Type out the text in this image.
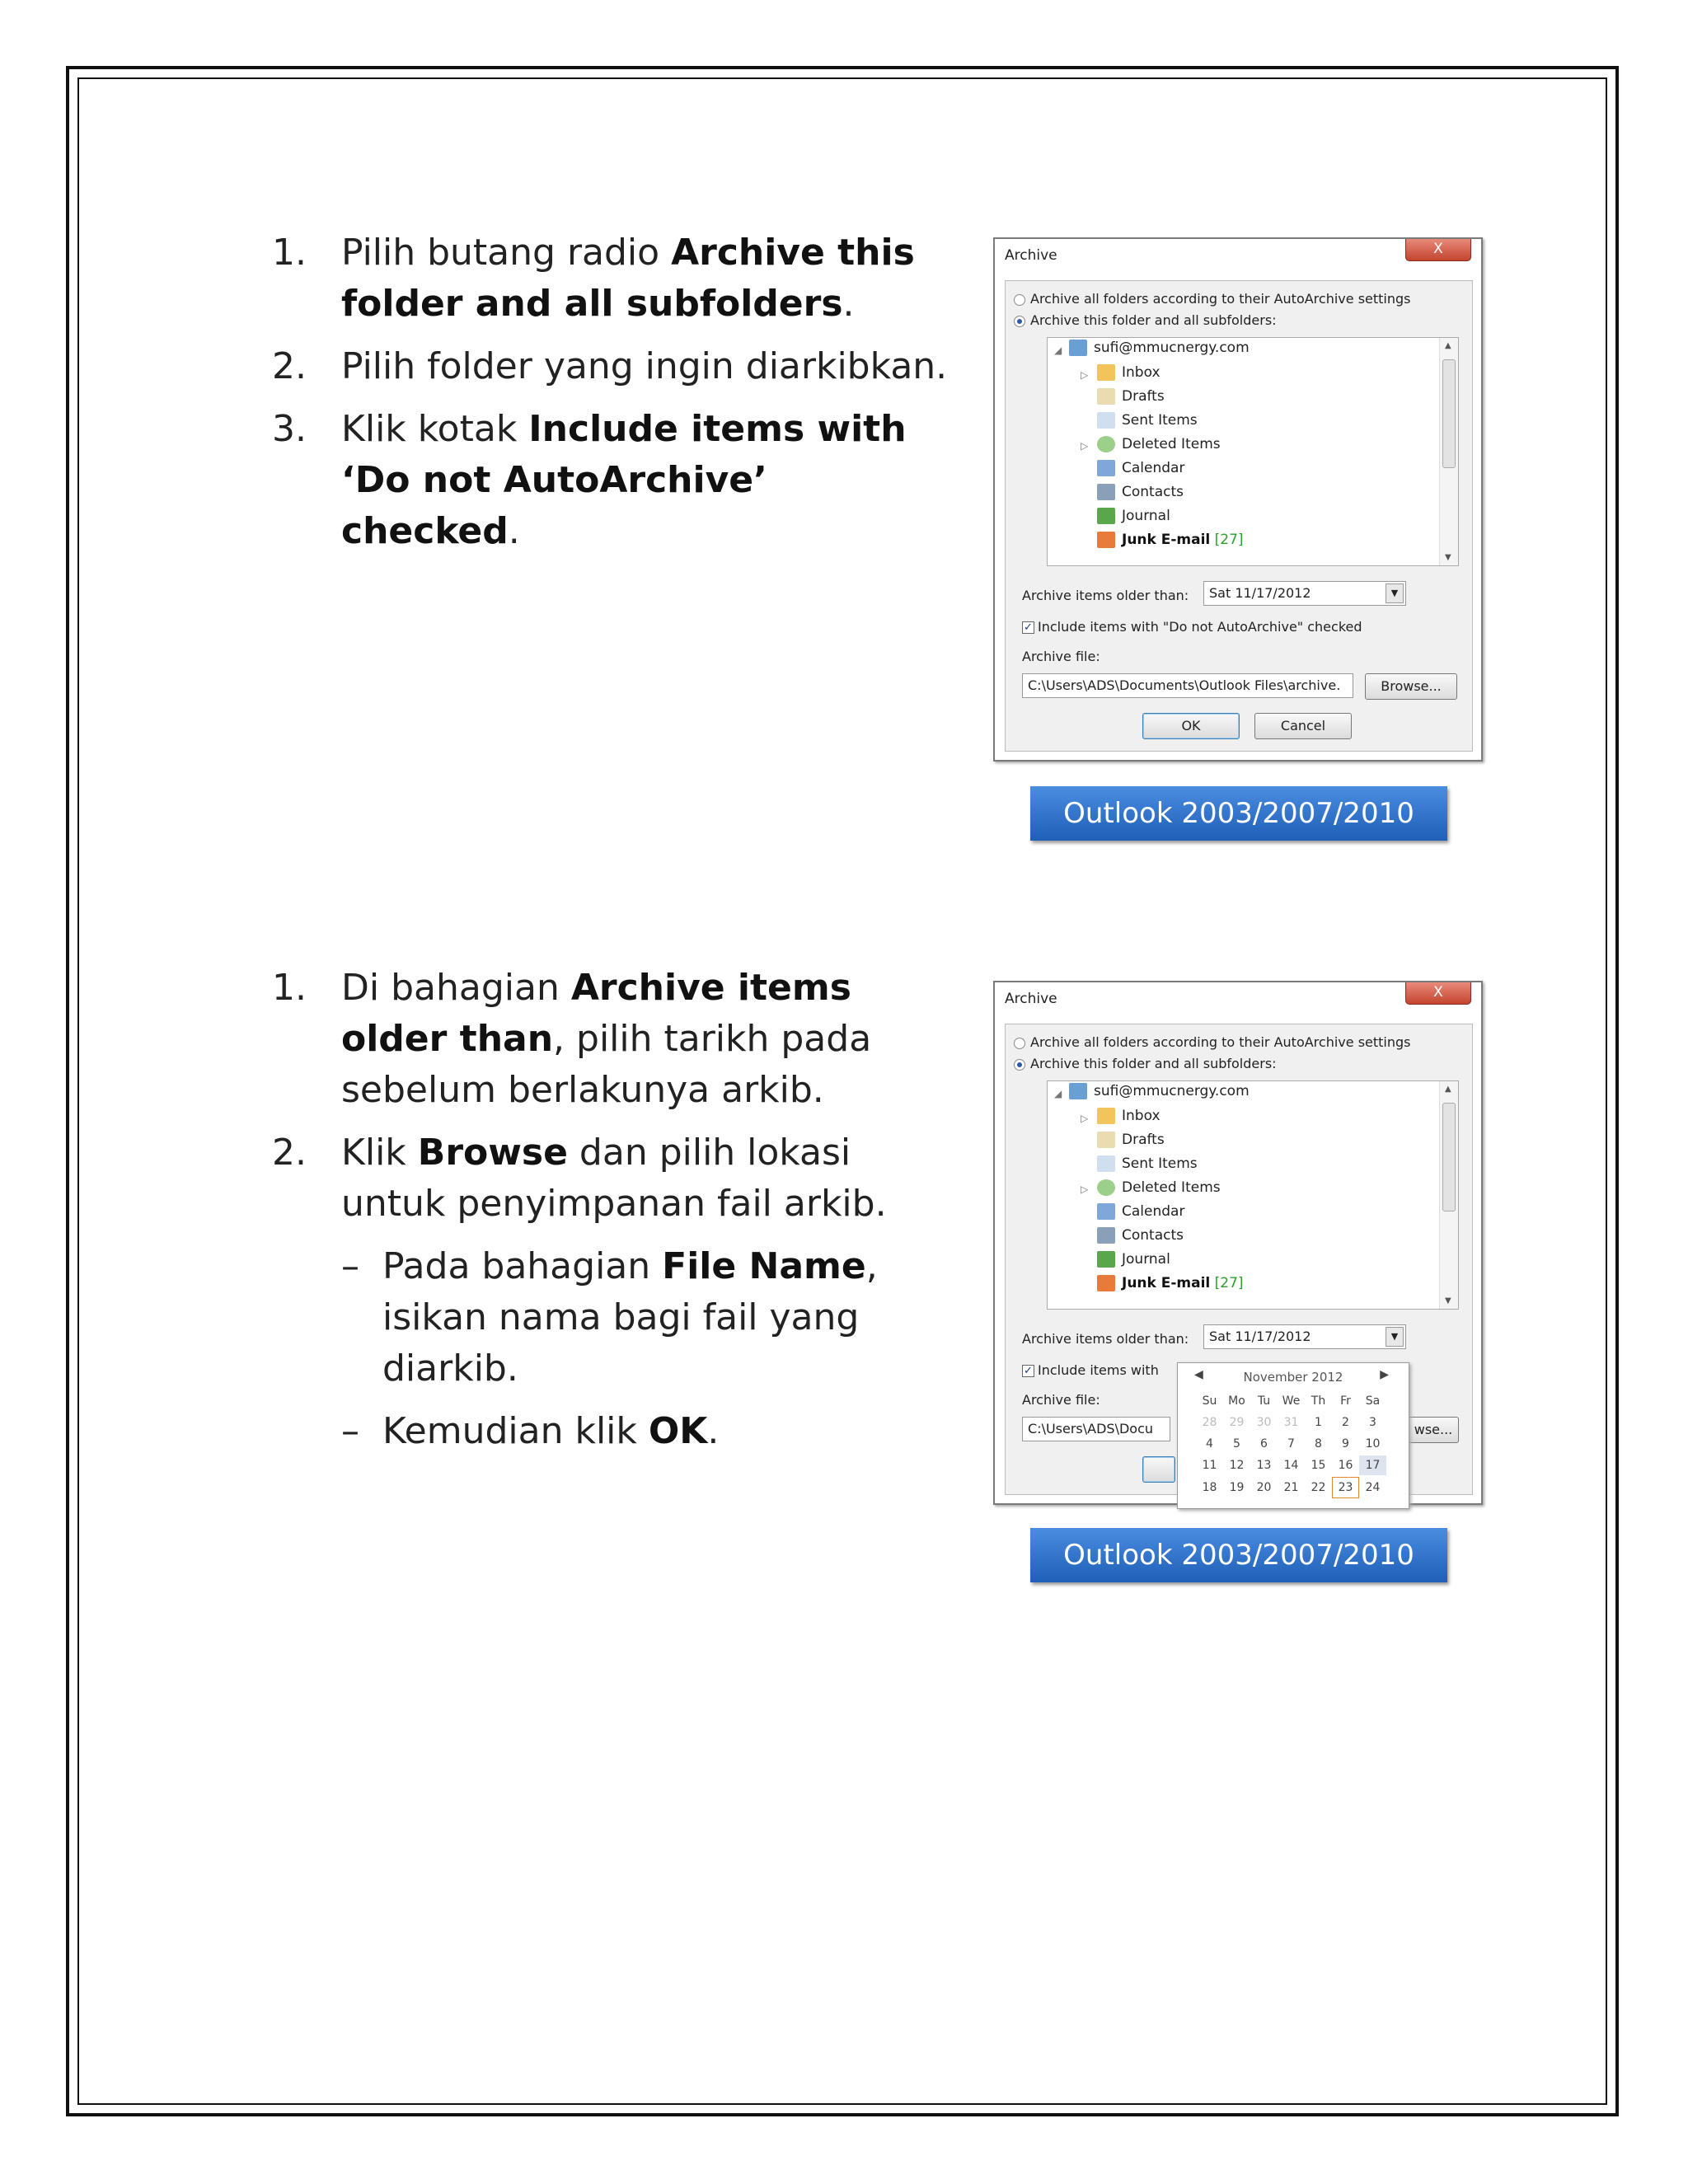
1. Pilih butang radio Archive this folder and all subfolders.
2. Pilih folder yang ingin diarkibkan.
3. Klik kotak Include items with ‘Do not AutoArchive’ checked.
Archive	X
Archive all folders according to their AutoArchive settings
Archive this folder and all subfolders:
◢	sufi@mmucnergy.com
▷	Inbox
Drafts
Sent Items
▷	Deleted Items
Calendar
Contacts
Journal
Junk E-mail [27]
▲
▼
Archive items older than:	Sat 11/17/2012	▼
✓ Include items with "Do not AutoArchive" checked
Archive file:
C:\Users\ADS\Documents\Outlook Files\archive.	Browse...
OK	Cancel
Outlook 2003/2007/2010
1. Di bahagian Archive items older than, pilih tarikh pada sebelum berlakunya arkib.
2. Klik Browse dan pilih lokasi untuk penyimpanan fail arkib.
– Pada bahagian File Name, isikan nama bagi fail yang diarkib.
– Kemudian klik OK.
Archive	X
Archive all folders according to their AutoArchive settings
Archive this folder and all subfolders:
◢	sufi@mmucnergy.com
▷	Inbox
Drafts
Sent Items
▷	Deleted Items
Calendar
Contacts
Journal
Junk E-mail [27]
▲
▼
Archive items older than:	Sat 11/17/2012	▼
✓ Include items with
Archive file:
C:\Users\ADS\Docu	wse...
◀	November 2012	▶
Su Mo Tu We Th Fr Sa
28 29 30 31 1 2 3
4 5 6 7 8 9 10
11 12 13 14 15 16 17
18 19 20 21 22 23 24
Outlook 2003/2007/2010
